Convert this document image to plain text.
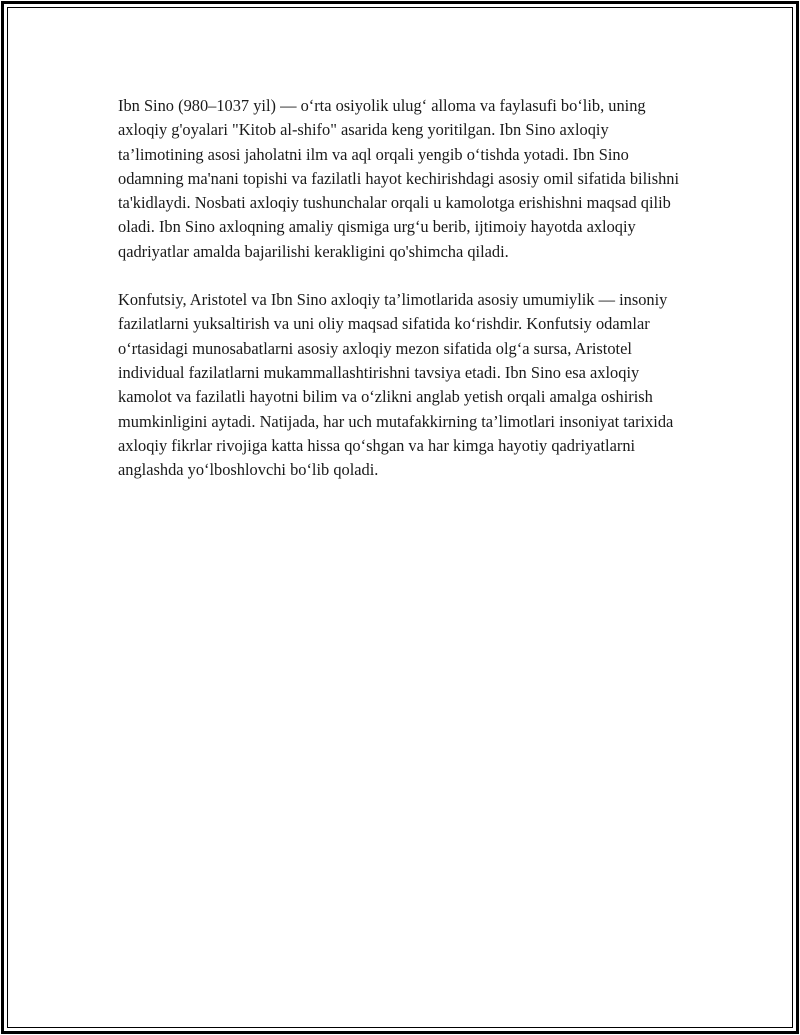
Ibn Sino (980–1037 yil) — o‘rta osiyolik ulug‘ alloma va faylasufi bo‘lib, uning axloqiy g'oyalari "Kitob al-shifo" asarida keng yoritilgan. Ibn Sino axloqiy ta’limotining asosi jaholatni ilm va aql orqali yengib o‘tishda yotadi. Ibn Sino odamning ma'nani topishi va fazilatli hayot kechirishdagi asosiy omil sifatida bilishni ta'kidlaydi. Nosbati axloqiy tushunchalar orqali u kamolotga erishishni maqsad qilib oladi. Ibn Sino axloqning amaliy qismiga urg‘u berib, ijtimoiy hayotda axloqiy qadriyatlar amalda bajarilishi kerakligini qo'shimcha qiladi.

Konfutsiy, Aristotel va Ibn Sino axloqiy ta’limotlarida asosiy umumiylik — insoniy fazilatlarni yuksaltirish va uni oliy maqsad sifatida ko‘rishdir. Konfutsiy odamlar o‘rtasidagi munosabatlarni asosiy axloqiy mezon sifatida olg‘a sursa, Aristotel individual fazilatlarni mukammallashtirishni tavsiya etadi. Ibn Sino esa axloqiy kamolot va fazilatli hayotni bilim va o‘zlikni anglab yetish orqali amalga oshirish mumkinligini aytadi. Natijada, har uch mutafakkirning ta’limotlari insoniyat tarixida axloqiy fikrlar rivojiga katta hissa qo‘shgan va har kimga hayotiy qadriyatlarni anglashda yo‘lboshlovchi bo‘lib qoladi.
